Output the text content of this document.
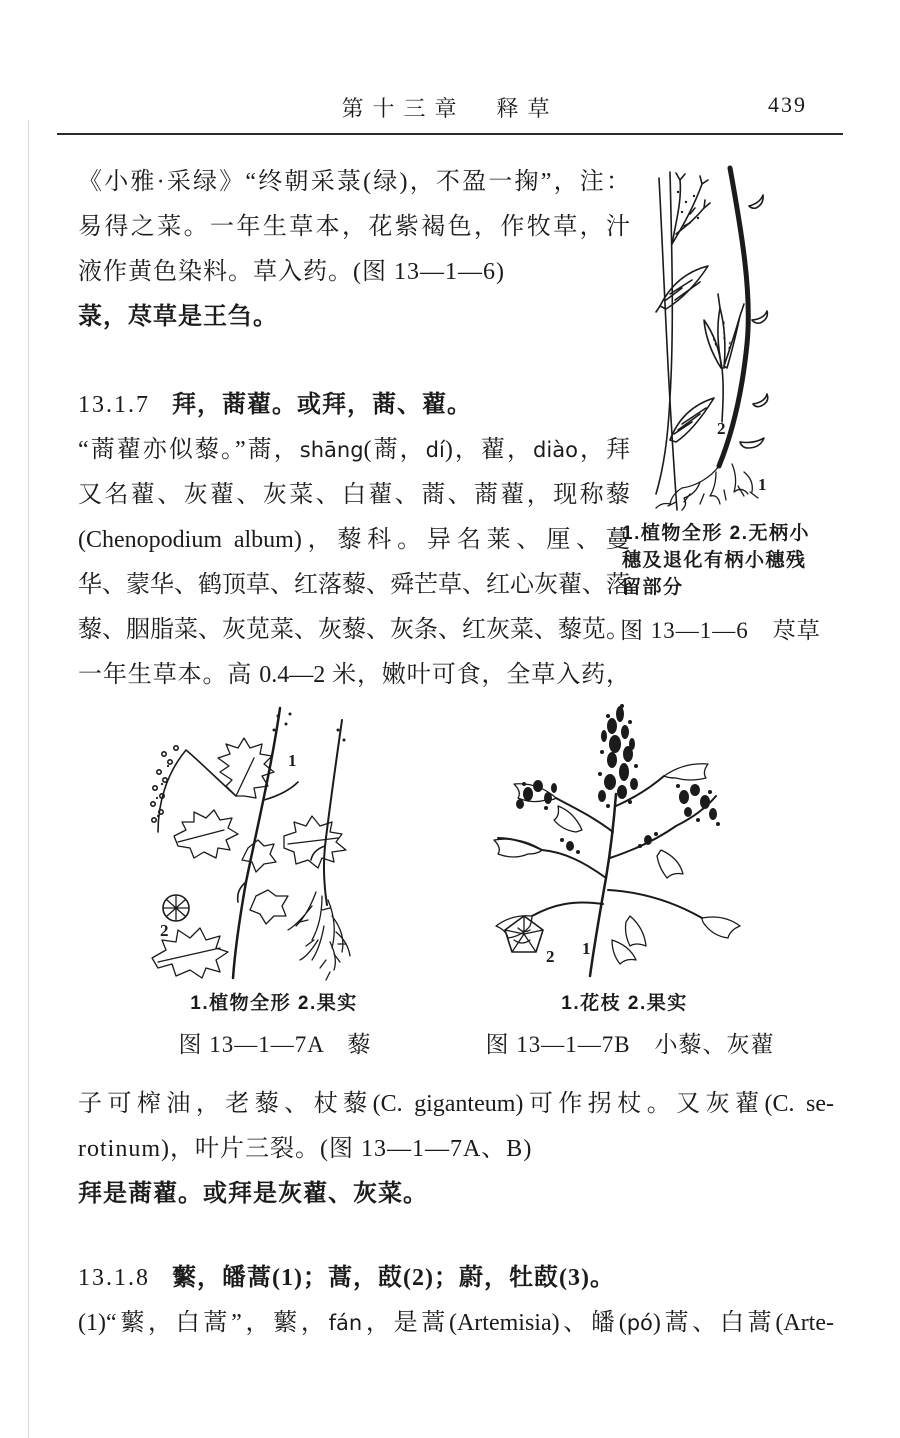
第十三章　释草	439
《小雅·采绿》“终朝采菉(绿)，不盈一掬”，注：
易得之菜。一年生草本，花紫褐色，作牧草，汁
液作黄色染料。草入药。(图 13—1—6)
菉，荩草是王刍。
13.1.7 拜，蔏藋。或拜，蔏、藋。
“蔏藋亦似藜。”蔏，shāng(蔏，dí)，藋，diào，拜
又名藋、灰藋、灰菜、白藋、蔏、蔏藋，现称藜
(Chenopodium album)，藜科。异名莱、厘、蔓
华、蒙华、鹤顶草、红落藜、舜芒草、红心灰藋、落
藜、胭脂菜、灰苋菜、灰藜、灰条、红灰菜、藜苋。
一年生草本。高 0.4—2 米，嫩叶可食，全草入药，
2
1
1.植物全形 2.无柄小
穗及退化有柄小穗残
留部分
图 13—1—6　荩草
1
2
2 1
1.植物全形 2.果实	1.花枝 2.果实
图 13—1—7A　藜	图 13—1—7B　小藜、灰藋
子可榨油，老藜、杖藜(C. giganteum)可作拐杖。又灰藋(C. se-
rotinum)，叶片三裂。(图 13—1—7A、B)
拜是蔏藋。或拜是灰藋、灰菜。
13.1.8 蘩，皤蒿(1)；蒿，菣(2)；蔚，牡菣(3)。
(1)“蘩，白蒿”，蘩，fán，是蒿(Artemisia)、皤(pó)蒿、白蒿(Arte-
